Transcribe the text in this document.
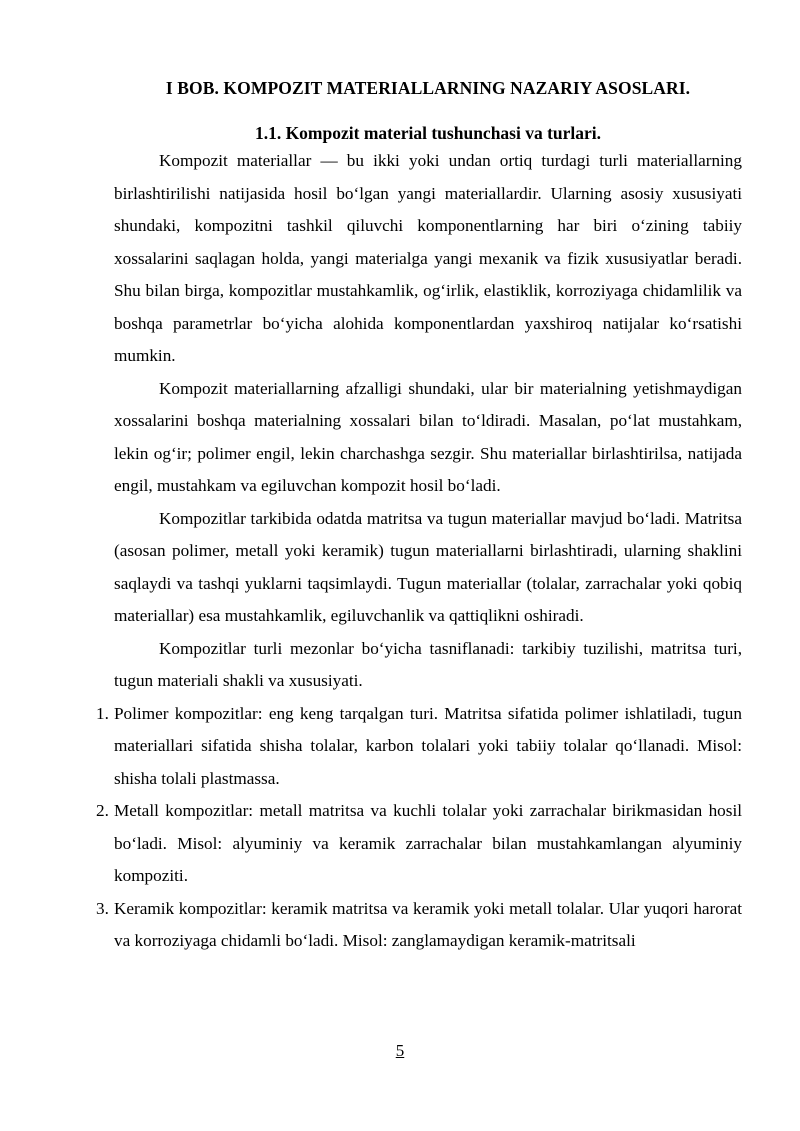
I BOB. KOMPOZIT MATERIALLARNING NAZARIY ASOSLARI.
1.1. Kompozit material tushunchasi va turlari.

Kompozit materiallar — bu ikki yoki undan ortiq turdagi turli materiallarning birlashtirilishi natijasida hosil bo‘lgan yangi materiallardir. Ularning asosiy xususiyati shundaki, kompozitni tashkil qiluvchi komponentlarning har biri o‘zining tabiiy xossalarini saqlagan holda, yangi materialga yangi mexanik va fizik xususiyatlar beradi. Shu bilan birga, kompozitlar mustahkamlik, og‘irlik, elastiklik, korroziyaga chidamlilik va boshqa parametrlar bo‘yicha alohida komponentlardan yaxshiroq natijalar ko‘rsatishi mumkin.

Kompozit materiallarning afzalligi shundaki, ular bir materialning yetishmaydigan xossalarini boshqa materialning xossalari bilan to‘ldiradi. Masalan, po‘lat mustahkam, lekin og‘ir; polimer engil, lekin charchashga sezgir. Shu materiallar birlashtirilsa, natijada engil, mustahkam va egiluvchan kompozit hosil bo‘ladi.

Kompozitlar tarkibida odatda matritsa va tugun materiallar mavjud bo‘ladi. Matritsa (asosan polimer, metall yoki keramik) tugun materiallarni birlashtiradi, ularning shaklini saqlaydi va tashqi yuklarni taqsimlaydi. Tugun materiallar (tolalar, zarrachalar yoki qobiq materiallar) esa mustahkamlik, egiluvchanlik va qattiqlikni oshiradi.

Kompozitlar turli mezonlar bo‘yicha tasniflanadi: tarkibiy tuzilishi, matritsa turi, tugun materiali shakli va xususiyati.

1. Polimer kompozitlar: eng keng tarqalgan turi. Matritsa sifatida polimer ishlatiladi, tugun materiallari sifatida shisha tolalar, karbon tolalari yoki tabiiy tolalar qo‘llanadi. Misol: shisha tolali plastmassa.
2. Metall kompozitlar: metall matritsa va kuchli tolalar yoki zarrachalar birikmasidan hosil bo‘ladi. Misol: alyuminiy va keramik zarrachalar bilan mustahkamlangan alyuminiy kompoziti.
3. Keramik kompozitlar: keramik matritsa va keramik yoki metall tolalar. Ular yuqori harorat va korroziyaga chidamli bo‘ladi. Misol: zanglamaydigan keramik-matritsali
5
